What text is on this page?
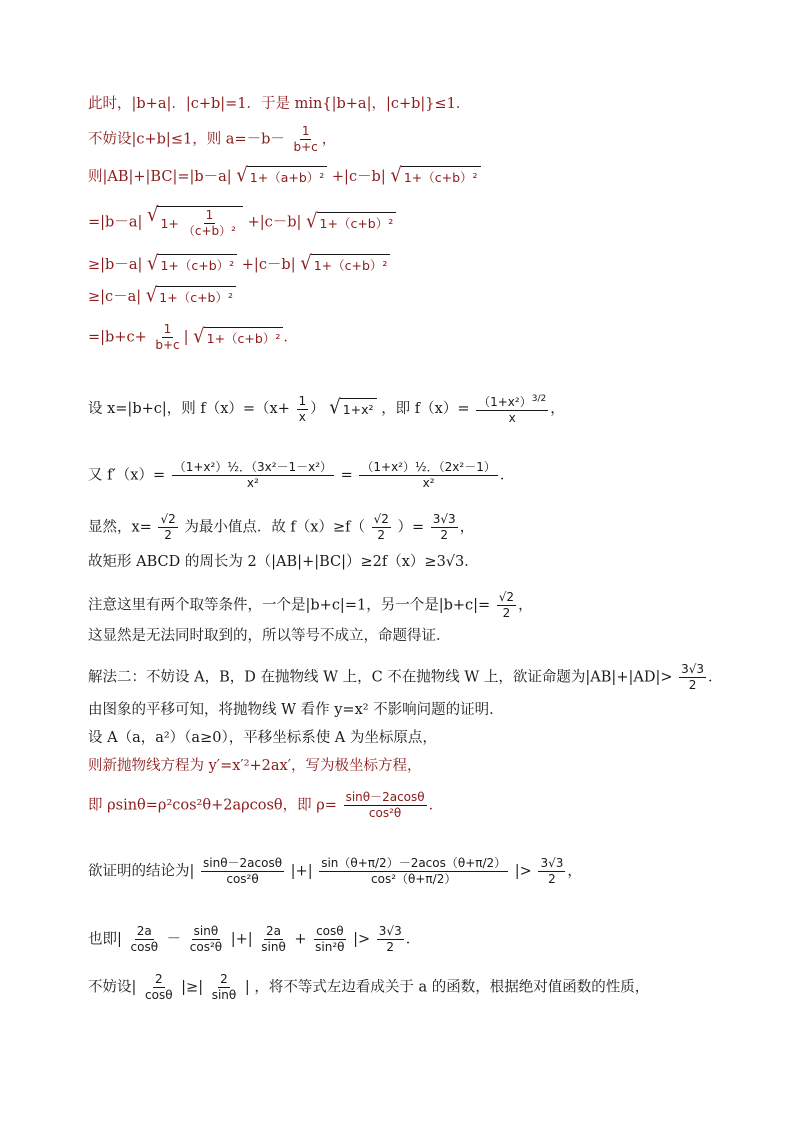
此时，|b+a|．|c+b|=1．于是 min{|b+a|，|c+b|}≤1．
不妨设|c+b|≤1，则 $a=-b- \frac{1}{b+c}$ ，
则|AB|+|BC|=|b－a| √ 1+（a+b）² +|c－b| √ 1+（c+b）²
=|b－a| √ $1+ \frac{1}{\text{（c+b）²}} +|c-b|$ √ 1+（c+b）²
≥|b－a| √ 1+（c+b）² +|c－b| √ 1+（c+b）²
≥|c－a| √ 1+（c+b）²
$=|b+c+ \frac{1}{b+c}$ | √ 1+（c+b）² ．
设 x=|b+c|，则 $f(x)=(x+ \frac{1}{x}$ ） √ 1+x² ，即 $f(x)= \frac{(1+x^2)^{3/2}}{x}$ ，
又 $f'(x)= \frac{\text{（1+x²）½．（3x²－1－x²）}}{\text{x²}} = \frac{\text{（1+x²）½．（2x²－1）}}{\text{x²}}$ ．
显然，$x= \frac{√2}{2}$ 为最小值点．故 $f(x)\ge f( \frac{√2}{2}$ ）= $\frac{3√3}{2}$ ，
故矩形 ABCD 的周长为 2（|AB|+|BC|）≥2f（x）≥3√3．
注意这里有两个取等条件，一个是|b+c|=1，另一个是$|b+c|= \frac{√2}{2}$ ，
这显然是无法同时取到的，所以等号不成立，命题得证．
解法二：不妨设 A，B，D 在抛物线 W 上，C 不在抛物线 W 上，欲证命题为$|AB|+|AD|> \frac{3√3}{2}$ ．
由图象的平移可知，将抛物线 W 看作 y=x² 不影响问题的证明．
设 A（a，a²）（a≥0），平移坐标系使 A 为坐标原点，
则新抛物线方程为 y′=x′²+2ax′，写为极坐标方程，
即 ρsinθ=ρ²cos²θ+2aρcosθ，即 $\rho= \frac{\sin\theta-2acos\theta}{\text{cos²θ}}$ ．
欲证明的结论为| $\frac{\sin\theta-2acos\theta}{\text{cos²θ}}$ |+| $\frac{\sin(\theta+\pi/2)-2acos(\theta+\pi/2)}{\text{cos²（θ+π/2）}}$ |> $\frac{3√3}{2}$ ，
也即| $\frac{2a}{\cos\theta} - \frac{\sin\theta}{\text{cos²θ}}$ |+| $\frac{2a}{\sin\theta} + \frac{\cos\theta}{\text{sin²θ}}$ |> $\frac{3√3}{2}$ ．
不妨设| $\frac{2}{\cos\theta}$ |≥| $\frac{2}{\sin\theta}$ | ，将不等式左边看成关于 a 的函数，根据绝对值函数的性质，
